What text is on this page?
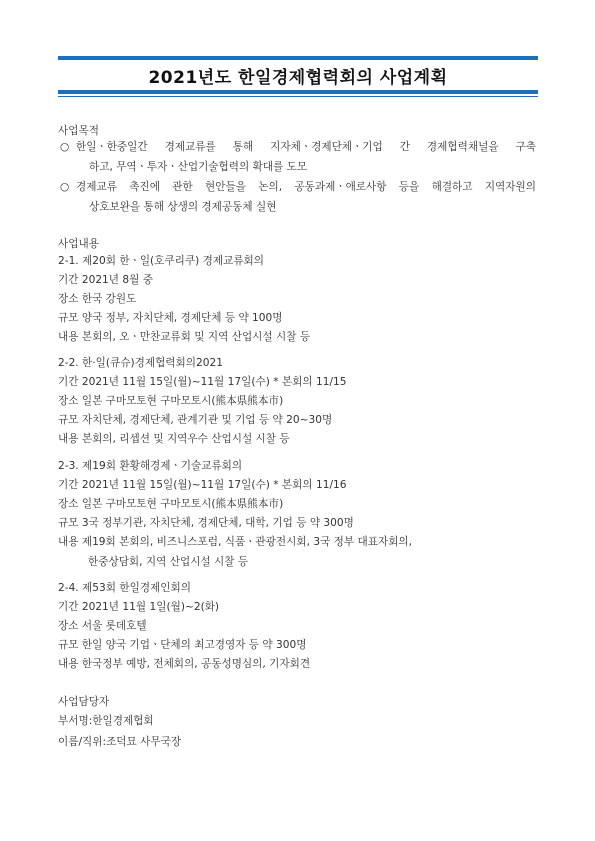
2021년도 한일경제협력회의 사업계획
사업목적
○ 한일ㆍ한중일간 경제교류를 통해 지자체ㆍ경제단체ㆍ기업 간 경제협력채널을 구축
하고, 무역ㆍ투자ㆍ산업기술협력의 확대를 도모
○ 경제교류 촉진에 관한 현안들을 논의, 공동과제ㆍ애로사항 등을 해결하고 지역자원의
상호보완을 통해 상생의 경제공동체 실현
사업내용
2-1. 제20회 한ㆍ일(호쿠리쿠) 경제교류회의
기간 2021년 8월 중
장소 한국 강원도
규모 양국 정부, 자치단체, 경제단체 등 약 100명
내용 본회의, 오ㆍ만찬교류회 및 지역 산업시설 시찰 등
2-2. 한·일(큐슈)경제협력회의2021
기간 2021년 11월 15일(월)~11월 17일(수) * 본회의 11/15
장소 일본 구마모토현 구마모토시(熊本県熊本市)
규모 자치단체, 경제단체, 관계기관 및 기업 등 약 20~30명
내용 본회의, 리셉션 및 지역우수 산업시설 시찰 등
2-3. 제19회 환황해경제ㆍ기술교류회의
기간 2021년 11월 15일(월)~11월 17일(수) * 본회의 11/16
장소 일본 구마모토현 구마모토시(熊本県熊本市)
규모 3국 정부기관, 자치단체, 경제단체, 대학, 기업 등 약 300명
내용 제19회 본회의, 비즈니스포럼, 식품ㆍ관광전시회, 3국 정부 대표자회의,
한중상담회, 지역 산업시설 시찰 등
2-4. 제53회 한일경제인회의
기간 2021년 11월 1일(월)~2(화)
장소 서울 롯데호텔
규모 한일 양국 기업ㆍ단체의 최고경영자 등 약 300명
내용 한국정부 예방, 전체회의, 공동성명심의, 기자회견
사업담당자
부서명:한일경제협회
이름/직위:조덕묘 사무국장
